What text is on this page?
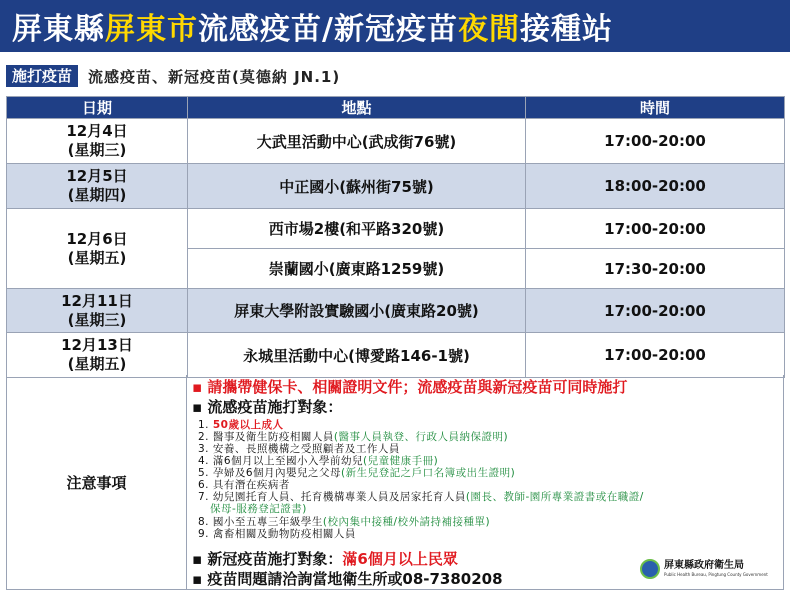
屏東縣 屏東市 流感疫苗/新冠疫苗 夜間 接種站
施打疫苗	流感疫苗、新冠疫苗(莫德納 JN.1)
日期	地點	時間

12月4日
(星期三)	大武里活動中心(武成街76號)	17:00-20:00

12月5日
(星期四)	中正國小(蘇州街75號)	18:00-20:00

12月6日
(星期五)	西市場2樓(和平路320號)	17:00-20:00
	崇蘭國小(廣東路1259號)	17:30-20:00

12月11日
(星期三)	屏東大學附設實驗國小(廣東路20號)	17:00-20:00

12月13日
(星期五)	永城里活動中心(博愛路146-1號)	17:00-20:00
注意事項
▪ 請攜帶健保卡、相關證明文件；流感疫苗與新冠疫苗可同時施打
▪ 流感疫苗施打對象：
1. 50歲以上成人
2. 醫事及衛生防疫相關人員(醫事人員執登、行政人員納保證明)
3. 安養、長照機構之受照顧者及工作人員
4. 滿6個月以上至國小入學前幼兒(兒童健康手冊)
5. 孕婦及6個月內嬰兒之父母(新生兒登記之戶口名簿或出生證明)
6. 具有潛在疾病者
7. 幼兒園托育人員、托育機構專業人員及居家托育人員(園長、教師-園所專業證書或在職證/
保母-服務登記證書)
8. 國小至五專三年級學生(校內集中接種/校外請持補接種單)
9. 禽畜相關及動物防疫相關人員
▪ 新冠疫苗施打對象：滿6個月以上民眾
▪ 疫苗問題請洽詢當地衛生所或08-7380208
屏東縣政府衛生局
Public Health Bureau, Pingtung County Government
